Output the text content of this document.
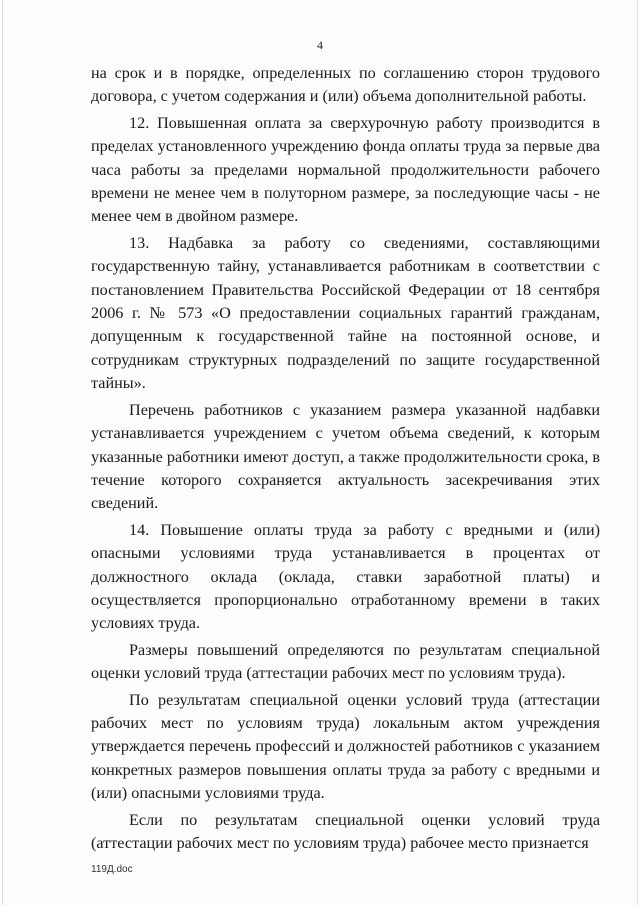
4

на срок и в порядке, определенных по соглашению сторон трудового договора, с учетом содержания и (или) объема дополнительной работы.

12. Повышенная оплата за сверхурочную работу производится в пределах установленного учреждению фонда оплаты труда за первые два часа работы за пределами нормальной продолжительности рабочего времени не менее чем в полуторном размере, за последующие часы - не менее чем в двойном размере.

13. Надбавка за работу со сведениями, составляющими государственную тайну, устанавливается работникам в соответствии с постановлением Правительства Российской Федерации от 18 сентября 2006 г. № 573 «О предоставлении социальных гарантий гражданам, допущенным к государственной тайне на постоянной основе, и сотрудникам структурных подразделений по защите государственной тайны».

Перечень работников с указанием размера указанной надбавки устанавливается учреждением с учетом объема сведений, к которым указанные работники имеют доступ, а также продолжительности срока, в течение которого сохраняется актуальность засекречивания этих сведений.

14. Повышение оплаты труда за работу с вредными и (или) опасными условиями труда устанавливается в процентах от должностного оклада (оклада, ставки заработной платы) и осуществляется пропорционально отработанному времени в таких условиях труда.

Размеры повышений определяются по результатам специальной оценки условий труда (аттестации рабочих мест по условиям труда).

По результатам специальной оценки условий труда (аттестации рабочих мест по условиям труда) локальным актом учреждения утверждается перечень профессий и должностей работников с указанием конкретных размеров повышения оплаты труда за работу с вредными и (или) опасными условиями труда.

Если по результатам специальной оценки условий труда (аттестации рабочих мест по условиям труда) рабочее место признается

119Д.doc
